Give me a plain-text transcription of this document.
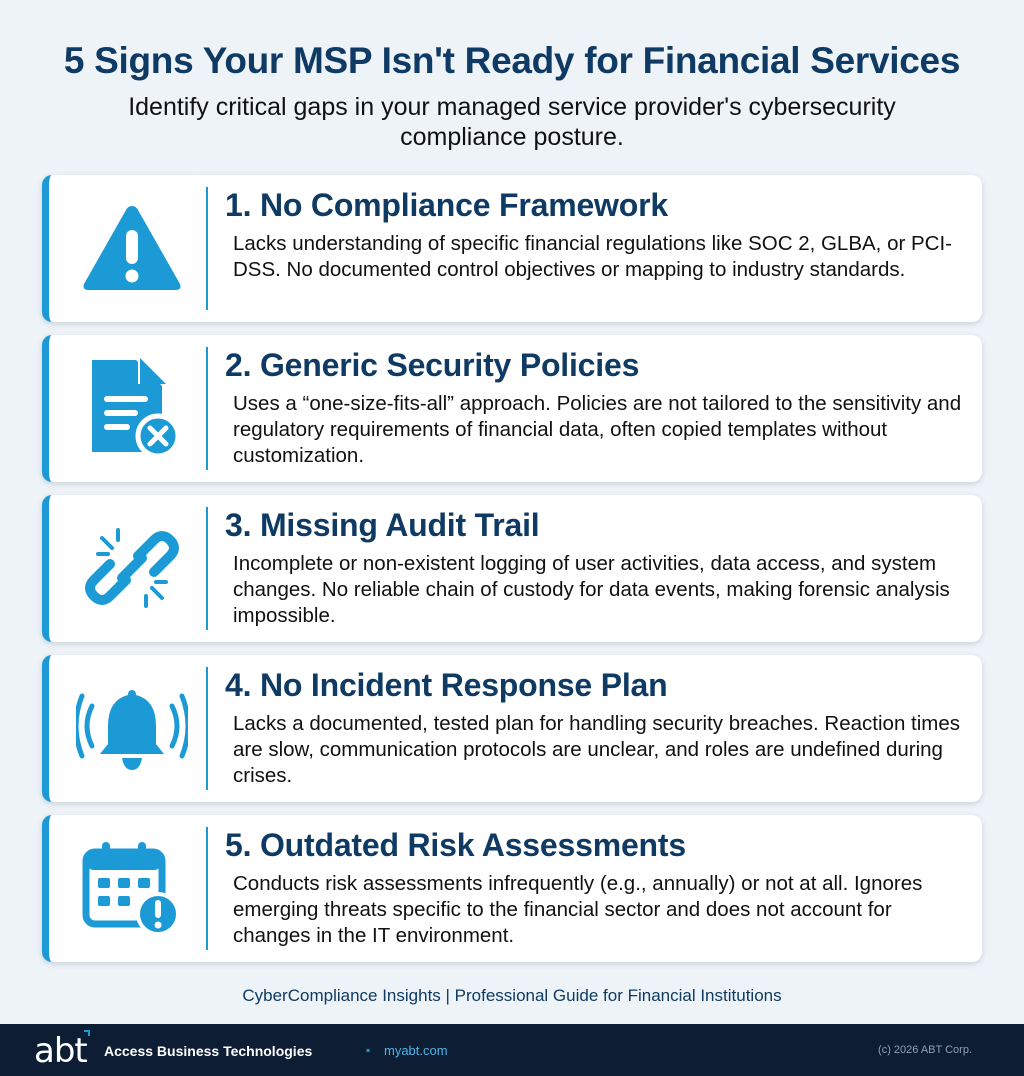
5 Signs Your MSP Isn't Ready for Financial Services
Identify critical gaps in your managed service provider's cybersecurity compliance posture.
1. No Compliance Framework
Lacks understanding of specific financial regulations like SOC 2, GLBA, or PCI-DSS. No documented control objectives or mapping to industry standards.
2. Generic Security Policies
Uses a “one-size-fits-all” approach. Policies are not tailored to the sensitivity and regulatory requirements of financial data, often copied templates without customization.
3. Missing Audit Trail
Incomplete or non-existent logging of user activities, data access, and system changes. No reliable chain of custody for data events, making forensic analysis impossible.
4. No Incident Response Plan
Lacks a documented, tested plan for handling security breaches. Reaction times are slow, communication protocols are unclear, and roles are undefined during crises.
5. Outdated Risk Assessments
Conducts risk assessments infrequently (e.g., annually) or not at all. Ignores emerging threats specific to the financial sector and does not account for changes in the IT environment.
CyberCompliance Insights | Professional Guide for Financial Institutions
abt Access Business Technologies	▪ myabt.com	(c) 2026 ABT Corp.
